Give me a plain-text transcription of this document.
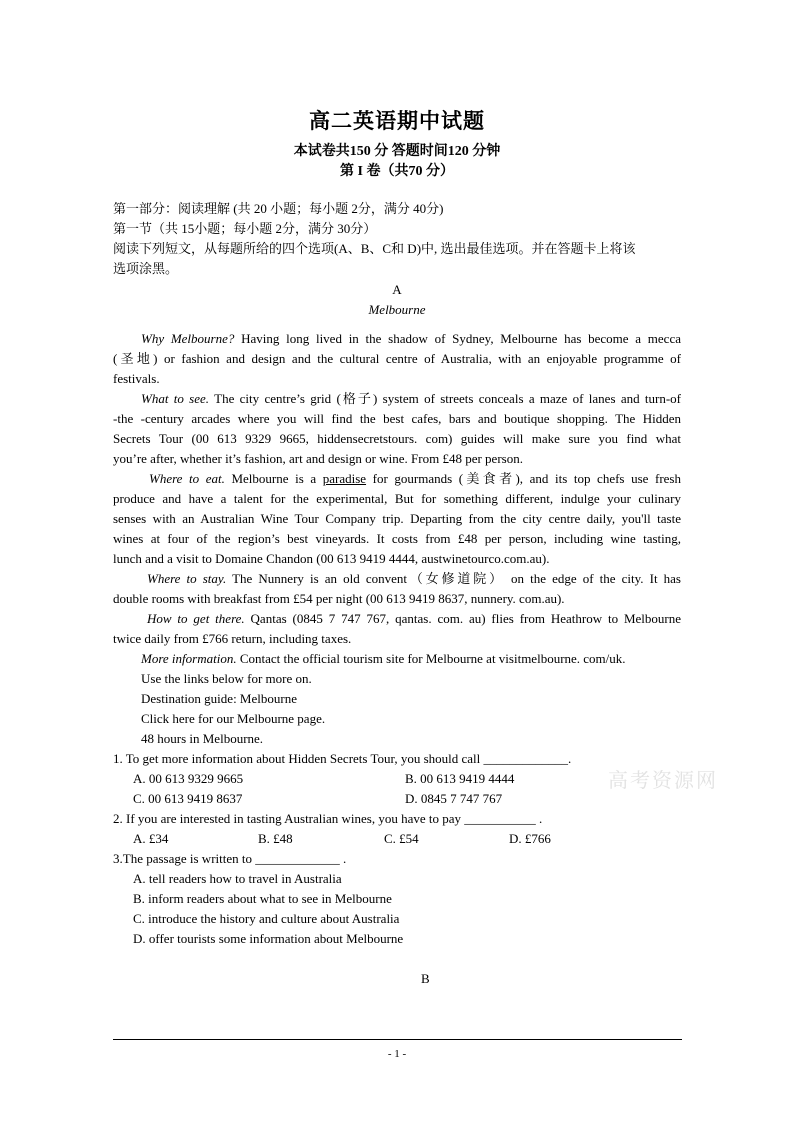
高二英语期中试题
本试卷共150 分 答题时间120 分钟
第 I 卷（共70 分）
第一部分：阅读理解 (共 20 小题；每小题 2分，满分 40分)
第一节（共 15小题；每小题 2分，满分 30分）
阅读下列短文，从每题所给的四个选项(A、B、C和 D)中, 选出最佳选项。并在答题卡上将该
选项涂黑。
A
Melbourne
Why Melbourne? Having long lived in the shadow of Sydney, Melbourne has become a mecca
(圣地) or fashion and design and the cultural centre of Australia, with an enjoyable programme of
festivals.
What to see. The city centre’s grid (格子) system of streets conceals a maze of lanes and turn-of
-the -century arcades where you will find the best cafes, bars and boutique shopping. The Hidden
Secrets Tour (00 613 9329 9665, hiddensecretstours. com) guides will make sure you find what
you’re after, whether it’s fashion, art and design or wine. From £48 per person.
Where to eat. Melbourne is a paradise for gourmands (美食者), and its top chefs use fresh
produce and have a talent for the experimental, But for something different, indulge your culinary
senses with an Australian Wine Tour Company trip. Departing from the city centre daily, you'll taste
wines at four of the region’s best vineyards. It costs from £48 per person, including wine tasting,
lunch and a visit to Domaine Chandon (00 613 9419 4444, austwinetourco.com.au).
Where to stay. The Nunnery is an old convent（女修道院） on the edge of the city. It has
double rooms with breakfast from £54 per night (00 613 9419 8637, nunnery. com.au).
How to get there. Qantas (0845 7 747 767, qantas. com. au) flies from Heathrow to Melbourne
twice daily from £766 return, including taxes.
More information. Contact the official tourism site for Melbourne at visitmelbourne. com/uk.
Use the links below for more on.
Destination guide: Melbourne
Click here for our Melbourne page.
48 hours in Melbourne.
1. To get more information about Hidden Secrets Tour, you should call _____________.
A. 00 613 9329 9665	B. 00 613 9419 4444
C. 00 613 9419 8637	D. 0845 7 747 767
2. If you are interested in tasting Australian wines, you have to pay ___________ .
A. £34	B. £48	C. £54	D. £766
3.The passage is written to _____________ .
A. tell readers how to travel in Australia
B. inform readers about what to see in Melbourne
C. introduce the history and culture about Australia
D. offer tourists some information about Melbourne
B
高考资源网
- 1 -
